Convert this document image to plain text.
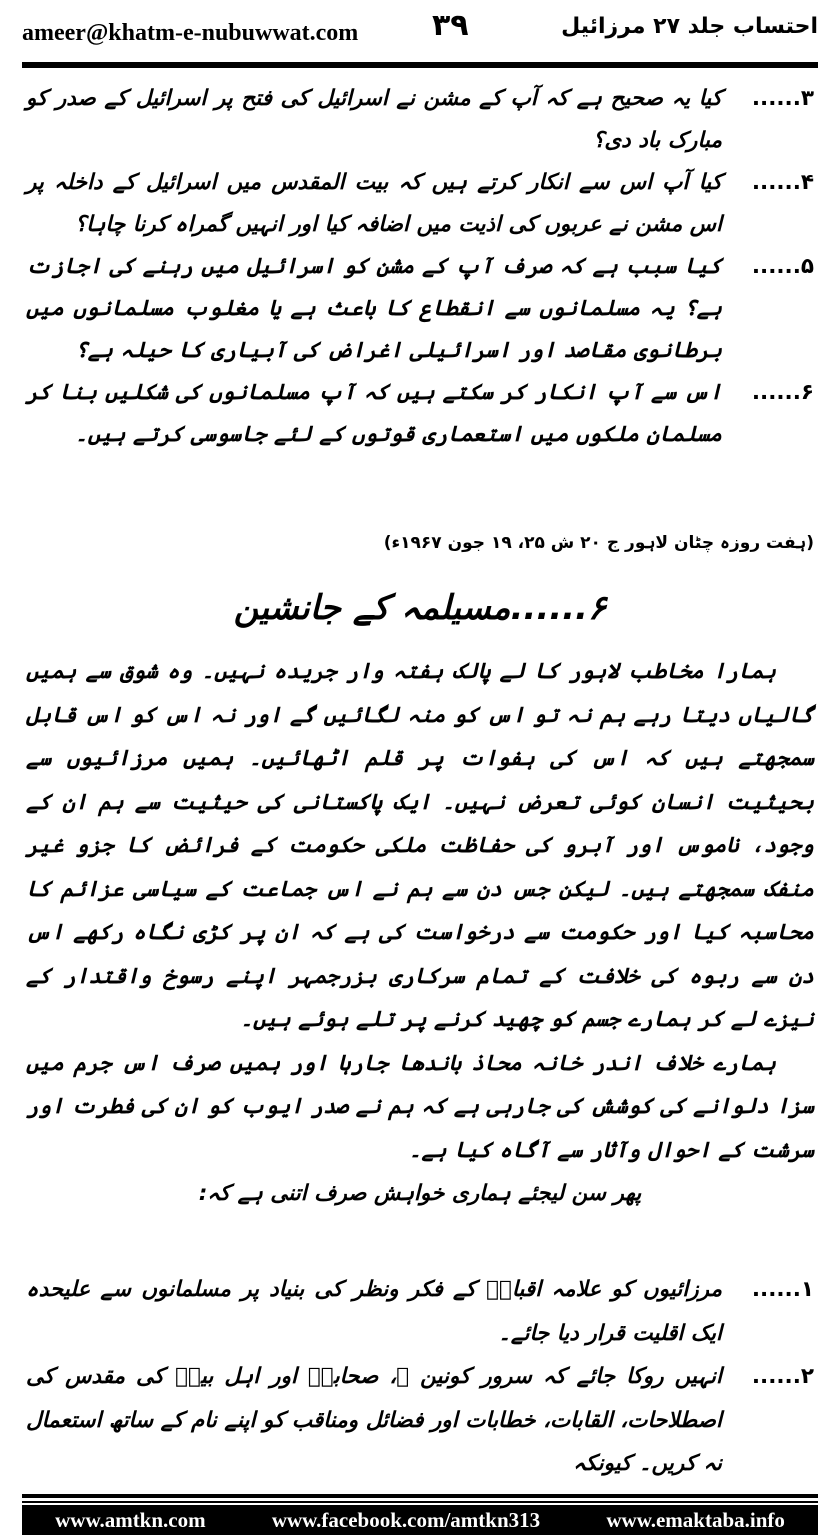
ameer@khatm-e-nubuwwat.com ۳۹	احتساب جلد ۲۷ مرزائیل
۳......
کیا یہ صحیح ہے کہ آپ کے مشن نے اسرائیل کی فتح پر اسرائیل کے صدر کو مبارک باد دی؟
۴......
کیا آپ اس سے انکار کرتے ہیں کہ بیت المقدس میں اسرائیل کے داخلہ پر اس مشن نے عربوں کی اذیت میں اضافہ کیا اور انہیں گمراہ کرنا چاہا؟
۵......
کیا سبب ہے کہ صرف آپ کے مشن کو اسرائیل میں رہنے کی اجازت ہے؟ یہ مسلمانوں سے انقطاع کا باعث ہے یا مغلوب مسلمانوں میں برطانوی مقاصد اور اسرائیلی اغراض کی آبیاری کا حیلہ ہے؟
۶......
اس سے آپ انکار کر سکتے ہیں کہ آپ مسلمانوں کی شکلیں بنا کر مسلمان ملکوں میں استعماری قوتوں کے لئے جاسوسی کرتے ہیں۔
(ہفت روزہ چٹان لاہور ج ۲۰ ش ۲۵، ۱۹ جون ۱۹۶۷ء)
۶......مسیلمہ کے جانشین

ہمارا مخاطب لاہور کا لے پالک ہفتہ وار جریدہ نہیں۔ وہ شوق سے ہمیں گالیاں دیتا رہے ہم نہ تو اس کو منہ لگائیں گے اور نہ اس کو اس قابل سمجھتے ہیں کہ اس کی ہفوات پر قلم اٹھائیں۔ ہمیں مرزائیوں سے بحیثیت انسان کوئی تعرض نہیں۔ ایک پاکستانی کی حیثیت سے ہم ان کے وجود، ناموس اور آبرو کی حفاظت ملکی حکومت کے فرائض کا جزو غیر منفک سمجھتے ہیں۔ لیکن جس دن سے ہم نے اس جماعت کے سیاسی عزائم کا محاسبہ کیا اور حکومت سے درخواست کی ہے کہ ان پر کڑی نگاہ رکھے اس دن سے ربوہ کی خلافت کے تمام سرکاری بزرجمہر اپنے رسوخ واقتدار کے نیزے لے کر ہمارے جسم کو چھید کرنے پر تلے ہوئے ہیں۔

ہمارے خلاف اندر خانہ محاذ باندھا جارہا اور ہمیں صرف اس جرم میں سزا دلوانے کی کوشش کی جارہی ہے کہ ہم نے صدر ایوب کو ان کی فطرت اور سرشت کے احوال وآثار سے آگاہ کیا ہے۔

پھر سن لیجئے ہماری خواہش صرف اتنی ہے کہ:

۱......
مرزائیوں کو علامہ اقبالؒ کے فکر ونظر کی بنیاد پر مسلمانوں سے علیحدہ ایک اقلیت قرار دیا جائے۔
۲......
انہیں روکا جائے کہ سرور کونین ﷺ، صحابہؓ اور اہل بیتؓ کی مقدس کی اصطلاحات، القابات، خطابات اور فضائل ومناقب کو اپنے نام کے ساتھ استعمال نہ کریں۔ کیونکہ
www.amtkn.com	www.facebook.com/amtkn313	www.emaktaba.info
